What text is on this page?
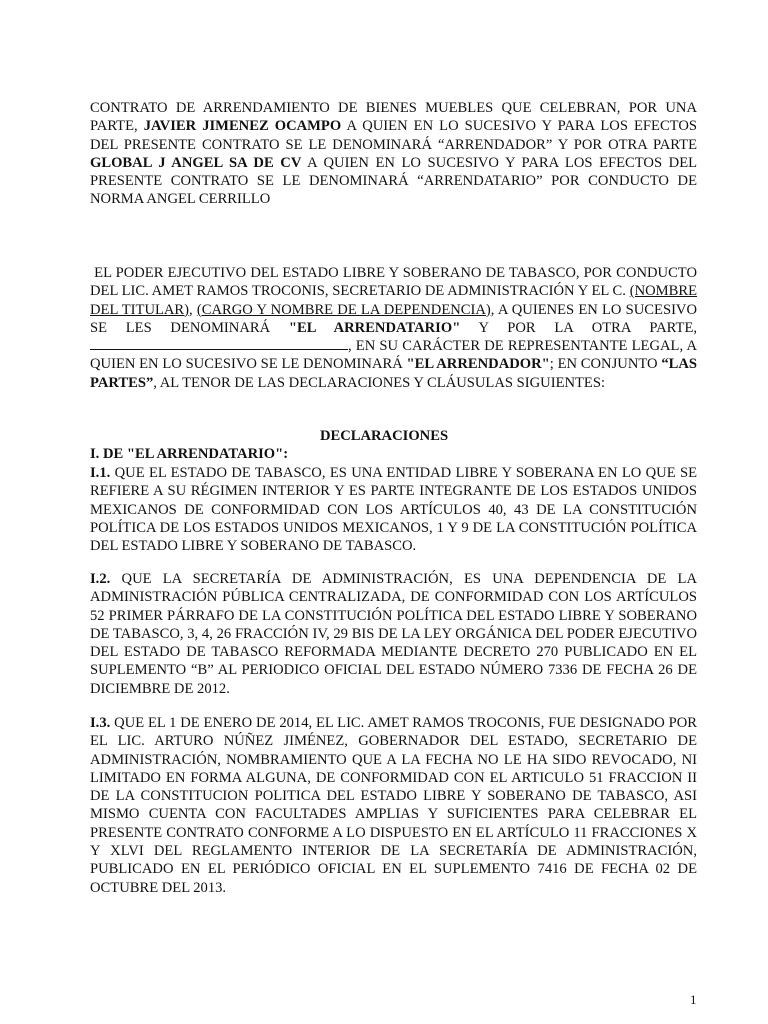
CONTRATO DE ARRENDAMIENTO DE BIENES MUEBLES QUE CELEBRAN, POR UNA PARTE, JAVIER JIMENEZ OCAMPO A QUIEN EN LO SUCESIVO Y PARA LOS EFECTOS DEL PRESENTE CONTRATO SE LE DENOMINARÁ “ARRENDADOR” Y POR OTRA PARTE GLOBAL J ANGEL SA DE CV A QUIEN EN LO SUCESIVO Y PARA LOS EFECTOS DEL PRESENTE CONTRATO SE LE DENOMINARÁ “ARRENDATARIO” POR CONDUCTO DE NORMA ANGEL CERRILLO

EL PODER EJECUTIVO DEL ESTADO LIBRE Y SOBERANO DE TABASCO, POR CONDUCTO DEL LIC. AMET RAMOS TROCONIS, SECRETARIO DE ADMINISTRACIÓN Y EL C. (NOMBRE DEL TITULAR), (CARGO Y NOMBRE DE LA DEPENDENCIA), A QUIENES EN LO SUCESIVO SE LES DENOMINARÁ "EL ARRENDATARIO" Y POR LA OTRA PARTE, , EN SU CARÁCTER DE REPRESENTANTE LEGAL, A QUIEN EN LO SUCESIVO SE LE DENOMINARÁ "EL ARRENDADOR"; EN CONJUNTO “LAS PARTES”, AL TENOR DE LAS DECLARACIONES Y CLÁUSULAS SIGUIENTES:

DECLARACIONES
I. DE "EL ARRENDATARIO":

I.1. QUE EL ESTADO DE TABASCO, ES UNA ENTIDAD LIBRE Y SOBERANA EN LO QUE SE REFIERE A SU RÉGIMEN INTERIOR Y ES PARTE INTEGRANTE DE LOS ESTADOS UNIDOS MEXICANOS DE CONFORMIDAD CON LOS ARTÍCULOS 40, 43 DE LA CONSTITUCIÓN POLÍTICA DE LOS ESTADOS UNIDOS MEXICANOS, 1 Y 9 DE LA CONSTITUCIÓN POLÍTICA DEL ESTADO LIBRE Y SOBERANO DE TABASCO.

I.2. QUE LA SECRETARÍA DE ADMINISTRACIÓN, ES UNA DEPENDENCIA DE LA ADMINISTRACIÓN PÚBLICA CENTRALIZADA, DE CONFORMIDAD CON LOS ARTÍCULOS 52 PRIMER PÁRRAFO DE LA CONSTITUCIÓN POLÍTICA DEL ESTADO LIBRE Y SOBERANO DE TABASCO, 3, 4, 26 FRACCIÓN IV, 29 BIS DE LA LEY ORGÁNICA DEL PODER EJECUTIVO DEL ESTADO DE TABASCO REFORMADA MEDIANTE DECRETO 270 PUBLICADO EN EL SUPLEMENTO “B” AL PERIODICO OFICIAL DEL ESTADO NÚMERO 7336 DE FECHA 26 DE DICIEMBRE DE 2012.

I.3. QUE EL 1 DE ENERO DE 2014, EL LIC. AMET RAMOS TROCONIS, FUE DESIGNADO POR EL LIC. ARTURO NÚÑEZ JIMÉNEZ, GOBERNADOR DEL ESTADO, SECRETARIO DE ADMINISTRACIÓN, NOMBRAMIENTO QUE A LA FECHA NO LE HA SIDO REVOCADO, NI LIMITADO EN FORMA ALGUNA, DE CONFORMIDAD CON EL ARTICULO 51 FRACCION II DE LA CONSTITUCION POLITICA DEL ESTADO LIBRE Y SOBERANO DE TABASCO, ASI MISMO CUENTA CON FACULTADES AMPLIAS Y SUFICIENTES PARA CELEBRAR EL PRESENTE CONTRATO CONFORME A LO DISPUESTO EN EL ARTÍCULO 11 FRACCIONES X Y XLVI DEL REGLAMENTO INTERIOR DE LA SECRETARÍA DE ADMINISTRACIÓN, PUBLICADO EN EL PERIÓDICO OFICIAL EN EL SUPLEMENTO 7416 DE FECHA 02 DE OCTUBRE DEL 2013.

1
